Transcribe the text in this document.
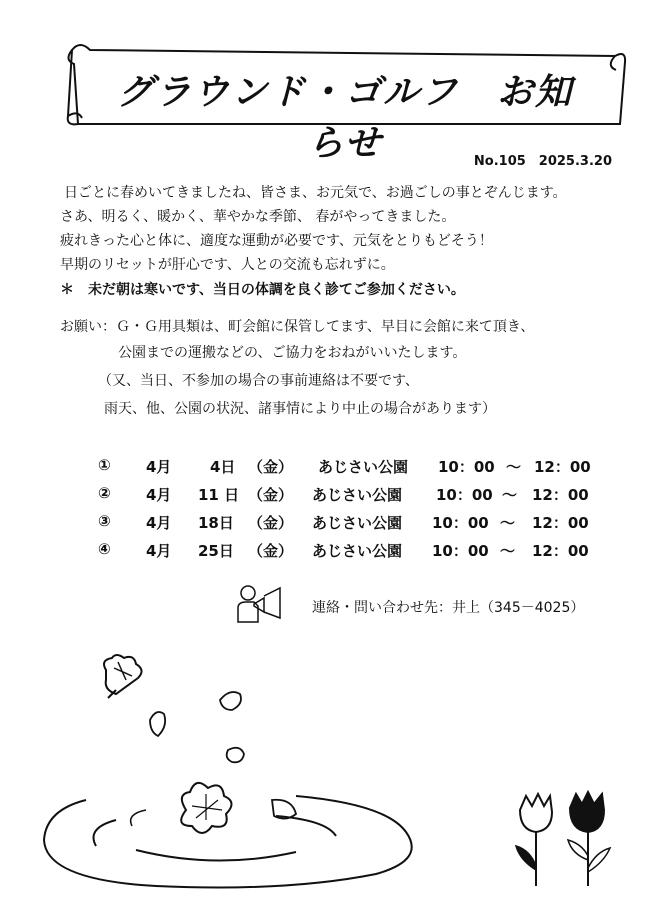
グラウンド・ゴルフ　お知らせ	No.105　2025.3.20
日ごとに春めいてきましたね、皆さま、お元気で、お過ごしの事とぞんじます。
さあ、明るく、暖かく、華やかな季節、 春がやってきました。
疲れきった心と体に、適度な運動が必要です、元気をとりもどそう！
早期のリセットが肝心です、人との交流も忘れずに。
＊　未だ朝は寒いです、当日の体調を良く診てご参加ください。
お願い：Ｇ・Ｇ用具類は、町会館に保管してます、早目に会館に来て頂き、
公園までの運搬などの、ご協力をおねがいいたします。
（又、当日、不参加の場合の事前連絡は不要です、
雨天、他、公園の状況、諸事情により中止の場合があります）
① 4月	4日 （金） あじさい公園 10：00 ～ 12：00
② 4月 11 日 （金） あじさい公園 10：00 ～ 12：00
③ 4月 18日 （金） あじさい公園 10：00 ～ 12：00
④ 4月 25日 （金） あじさい公園 10：00 ～ 12：00
連絡・問い合わせ先：井上（345－4025）
